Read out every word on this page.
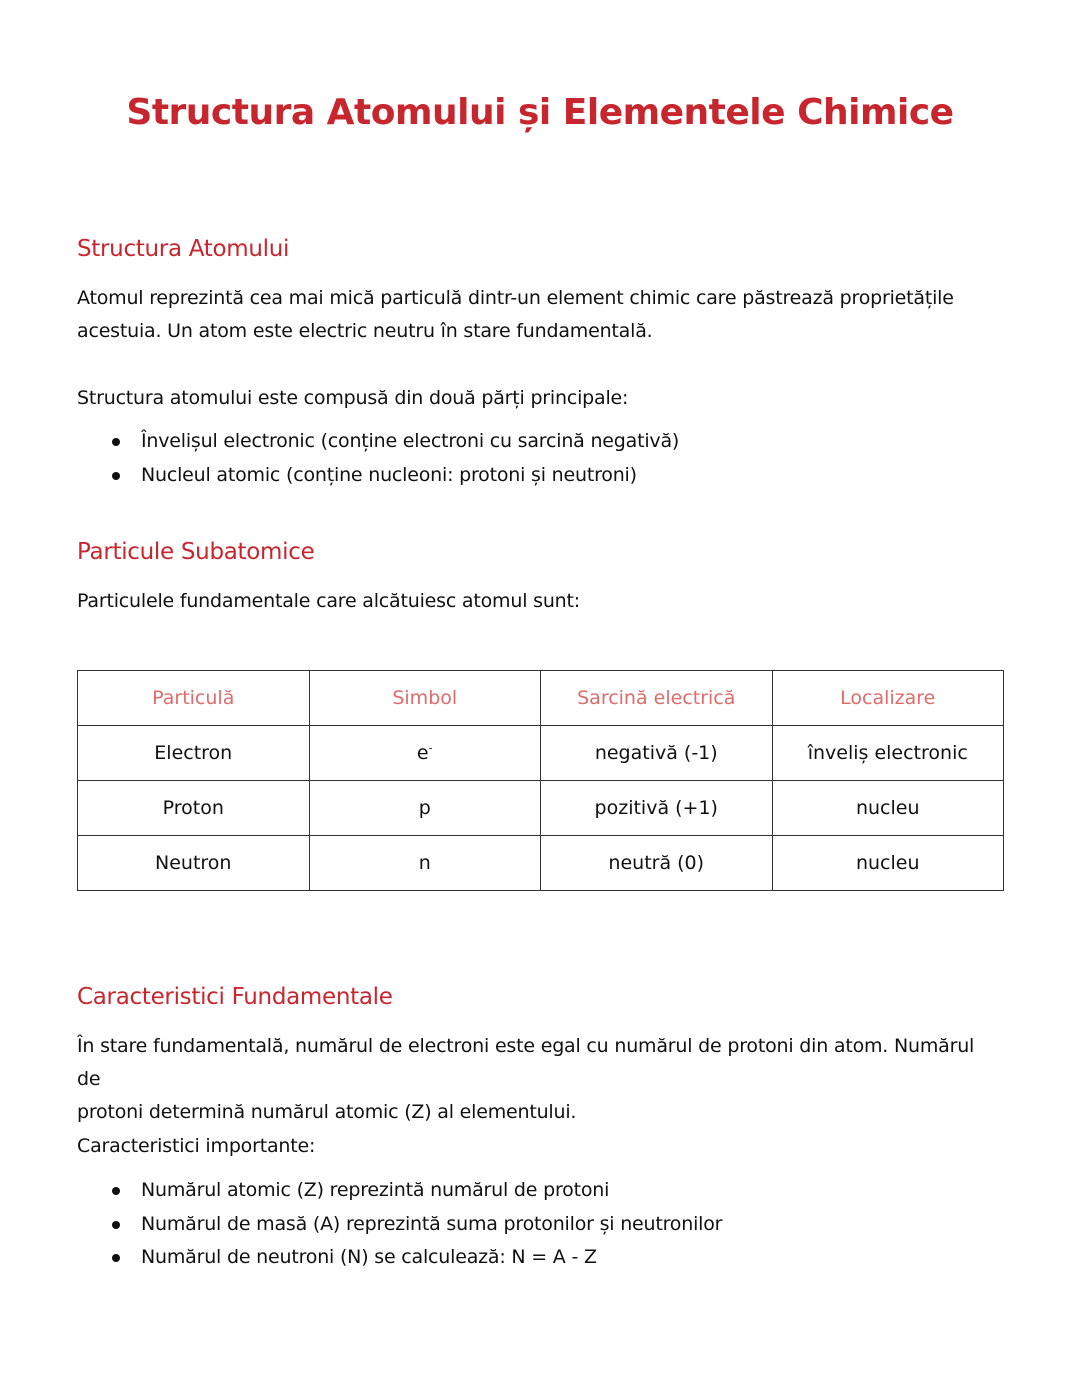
Structura Atomului și Elementele Chimice
Structura Atomului

Atomul reprezintă cea mai mică particulă dintr-un element chimic care păstrează proprietățile
acestuia. Un atom este electric neutru în stare fundamentală.

Structura atomului este compusă din două părți principale:

Învelișul electronic (conține electroni cu sarcină negativă)
Nucleul atomic (conține nucleoni: protoni și neutroni)
Particule Subatomice

Particulele fundamentale care alcătuiesc atomul sunt:

Particulă	Simbol	Sarcină electrică	Localizare
Electron	e-	negativă (-1)	înveliș electronic
Proton	p	pozitivă (+1)	nucleu
Neutron	n	neutră (0)	nucleu
Caracteristici Fundamentale

În stare fundamentală, numărul de electroni este egal cu numărul de protoni din atom. Numărul de
protoni determină numărul atomic (Z) al elementului.

Caracteristici importante:

Numărul atomic (Z) reprezintă numărul de protoni
Numărul de masă (A) reprezintă suma protonilor și neutronilor
Numărul de neutroni (N) se calculează: N = A - Z
